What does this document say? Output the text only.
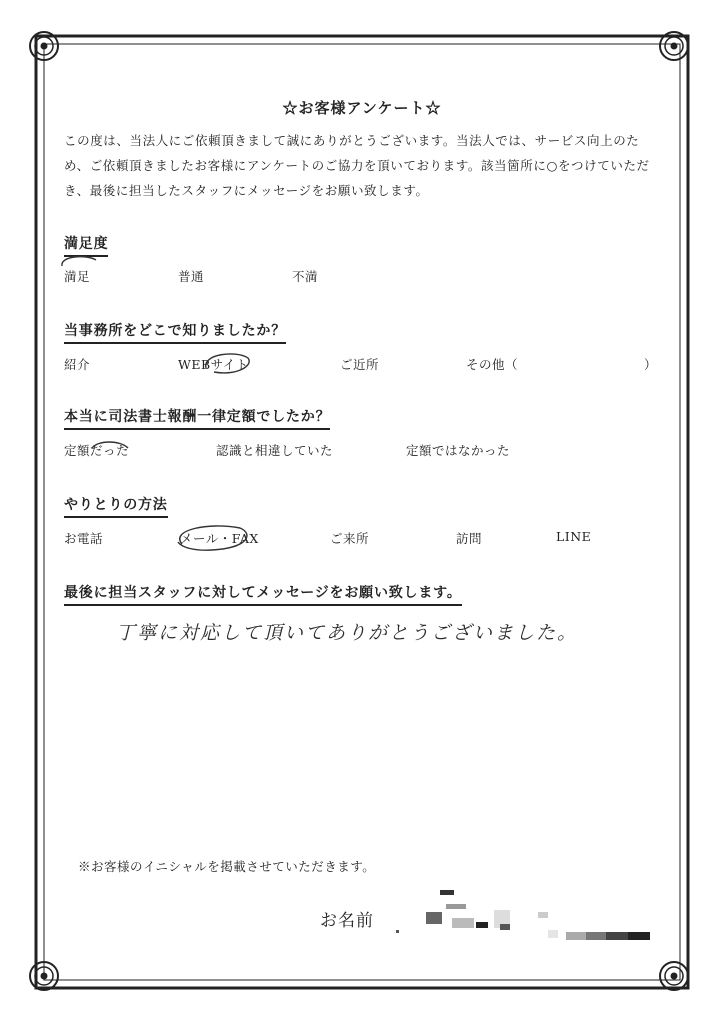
☆お客様アンケート☆
この度は、当法人にご依頼頂きまして誠にありがとうございます。当法人では、サービス向上のため、ご依頼頂きましたお客様にアンケートのご協力を頂いております。該当箇所に○をつけていただき、最後に担当したスタッフにメッセージをお願い致します。
満足度
満足	普通	不満
当事務所をどこで知りましたか？
紹介	WEBサイト	ご近所	その他（	）
本当に司法書士報酬一律定額でしたか？
定額だった	認識と相違していた	定額ではなかった
やりとりの方法
お電話	メール・FAX	ご来所	訪問	LINE
最後に担当スタッフに対してメッセージをお願い致します。
丁寧に対応して頂いてありがとうございました。
※お客様のイニシャルを掲載させていただきます。
お名前
